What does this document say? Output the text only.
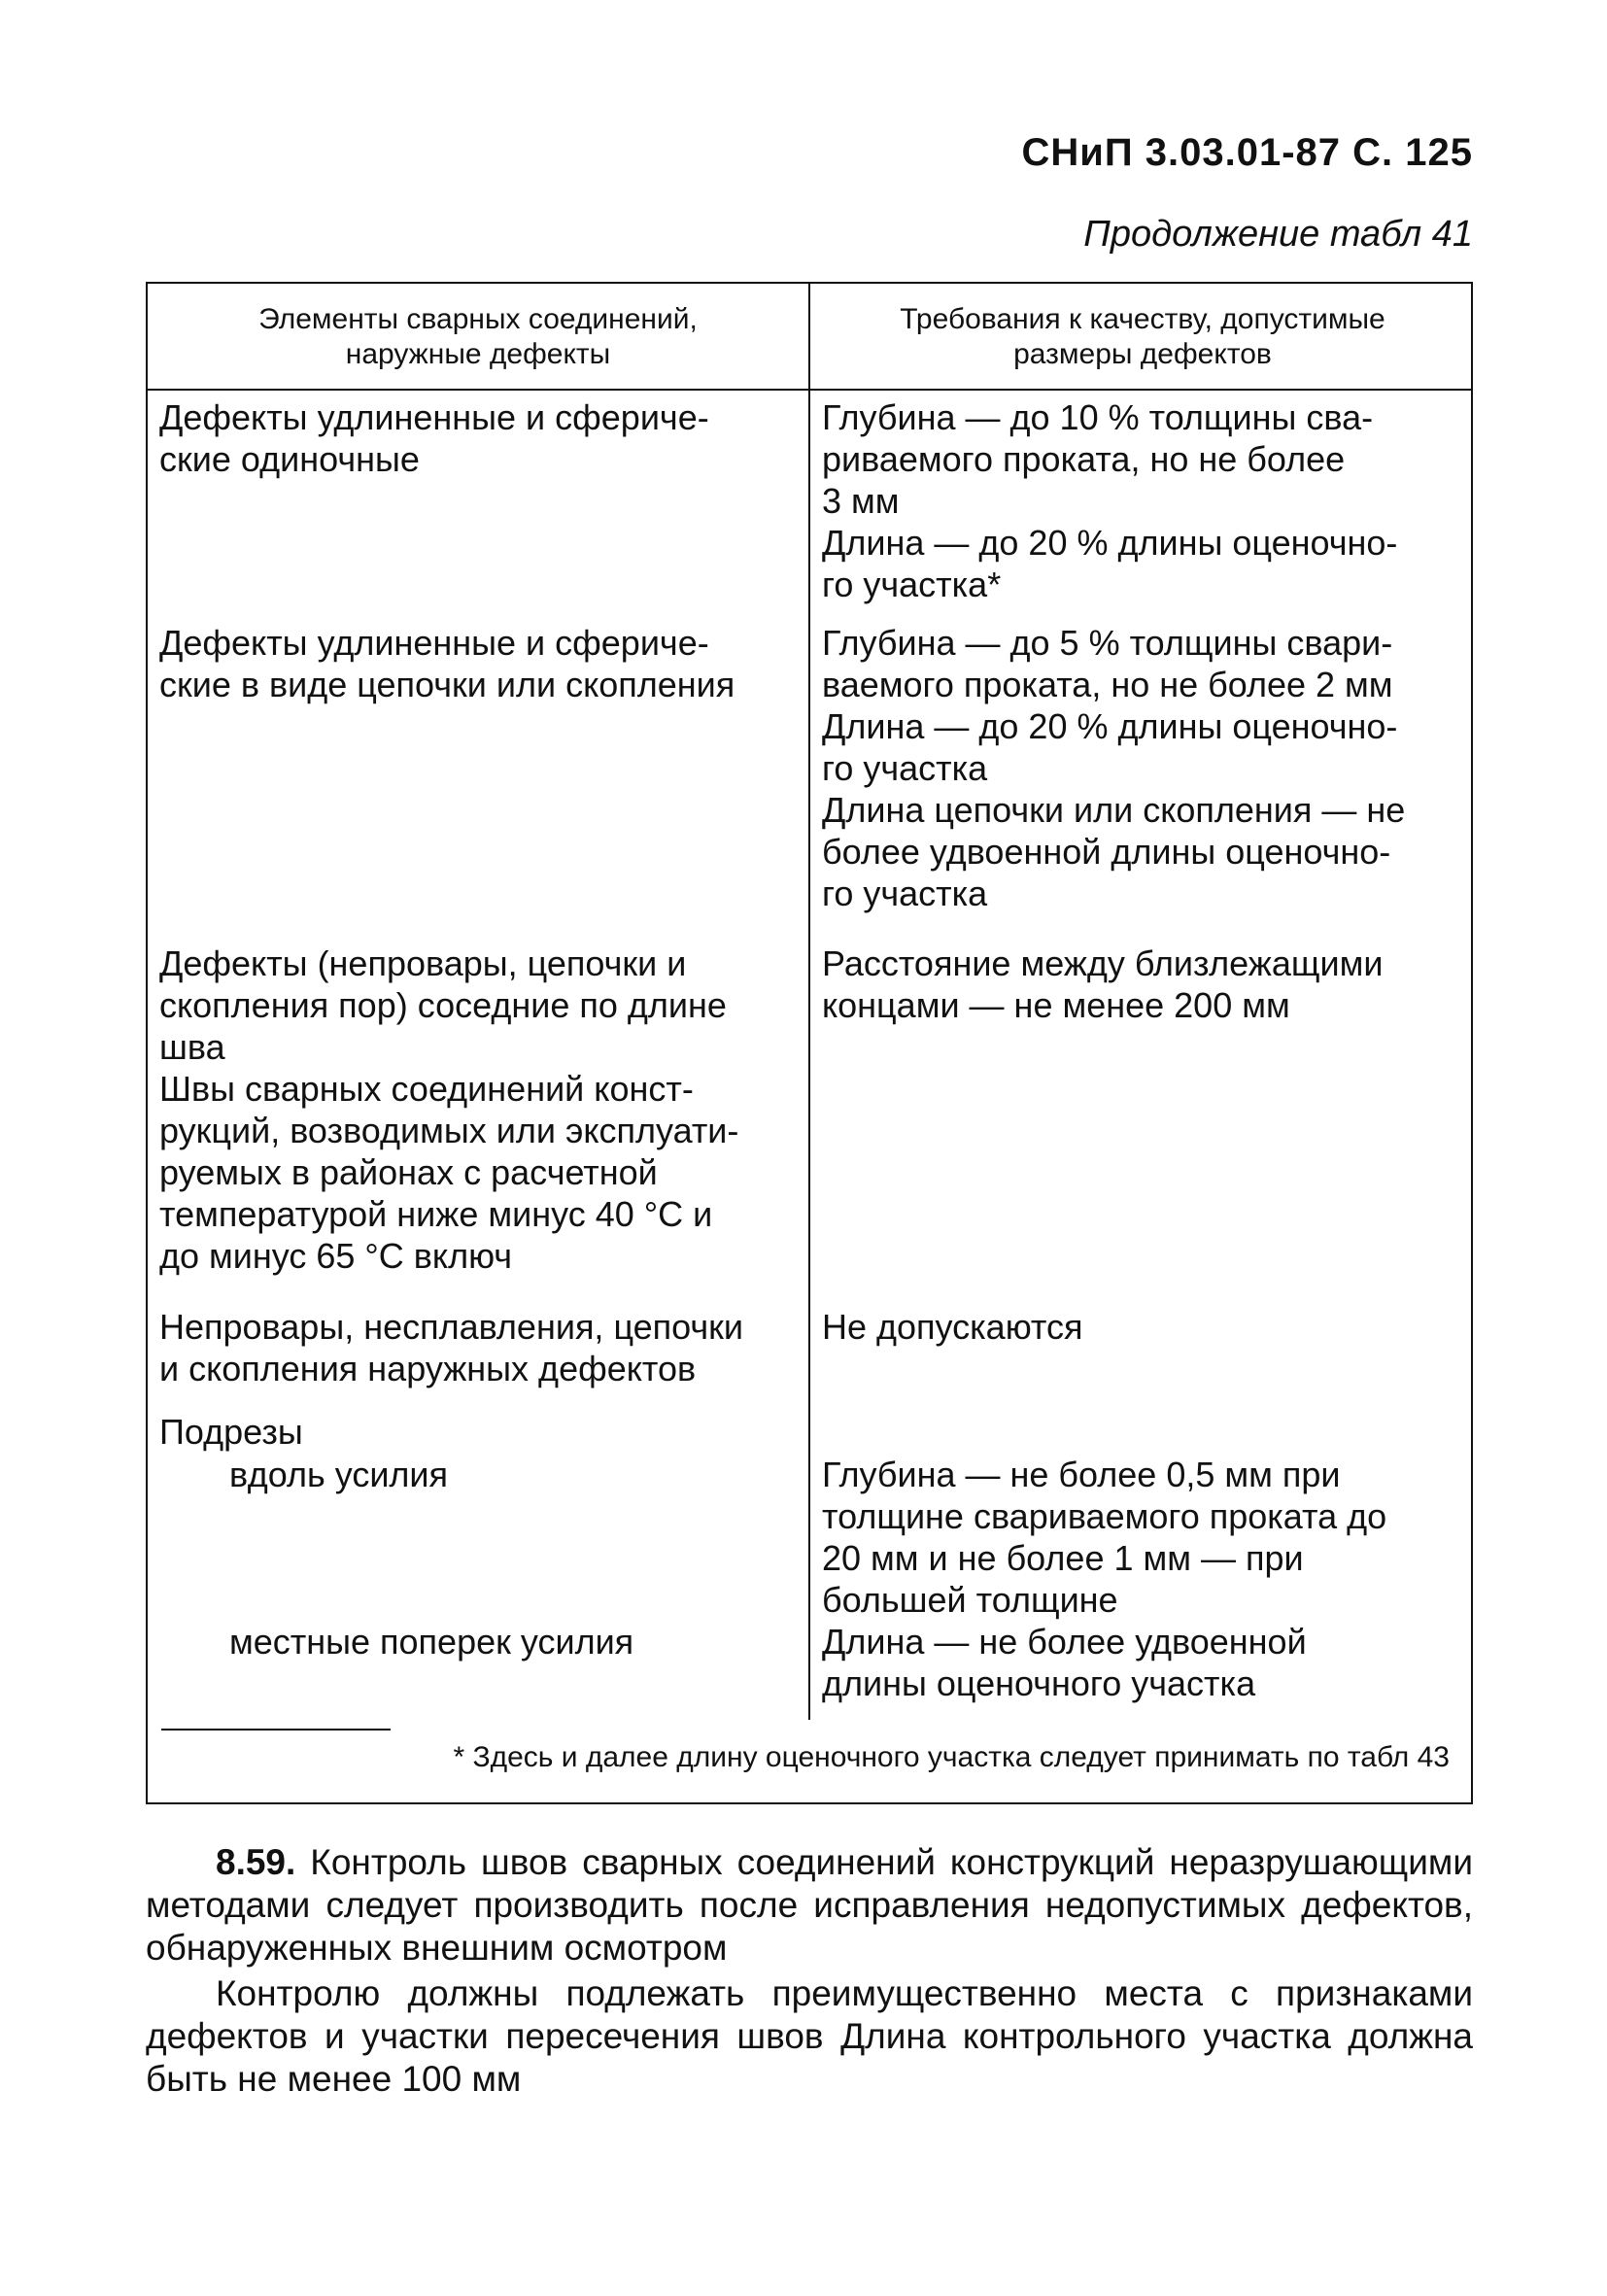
СНиП 3.03.01-87 С. 125
Продолжение табл 41
Элементы сварных соединений,
наружные дефекты
Требования к качеству, допустимые
размеры дефектов
Дефекты удлиненные и сфериче-
ские одиночные
Глубина — до 10 % толщины сва-
риваемого проката, но не более
3 мм
Длина — до 20 % длины оценочно-
го участка*
Дефекты удлиненные и сфериче-
ские в виде цепочки или скопления
Глубина — до 5 % толщины свари-
ваемого проката, но не более 2 мм
Длина — до 20 % длины оценочно-
го участка
Длина цепочки или скопления — не
более удвоенной длины оценочно-
го участка
Дефекты (непровары, цепочки и
скопления пор) соседние по длине
шва
Швы сварных соединений конст-
рукций, возводимых или эксплуати-
руемых в районах с расчетной
температурой ниже минус 40 °С и
до минус 65 °С включ
Расстояние между близлежащими
концами — не менее 200 мм
Непровары, несплавления, цепочки
и скопления наружных дефектов
Не допускаются
Подрезы
вдоль усилия	Глубина — не более 0,5 мм при
толщине свариваемого проката до
20 мм и не более 1 мм — при
большей толщине
местные поперек усилия	Длина — не более удвоенной
длины оценочного участка
* Здесь и далее длину оценочного участка следует принимать по табл 43
8.59. Контроль швов сварных соединений конструкций неразрушающими методами следует производить после исправления недопустимых дефектов, обнаруженных внешним осмотром
Контролю должны подлежать преимущественно места с признаками дефектов и участки пересечения швов Длина контрольного участка должна быть не менее 100 мм
